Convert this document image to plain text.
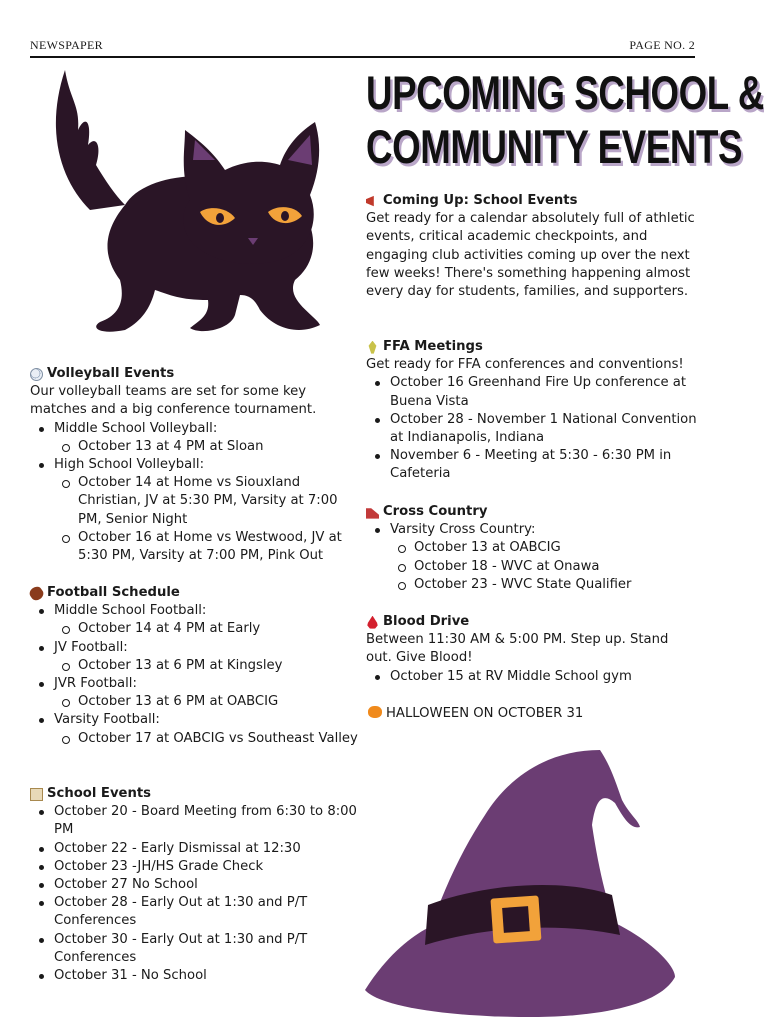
NEWSPAPER	PAGE NO. 2
UPCOMING SCHOOL &
COMMUNITY EVENTS
Coming Up: School Events

Get ready for a calendar absolutely full of athletic events, critical academic checkpoints, and engaging club activities coming up over the next few weeks! There's something happening almost every day for students, families, and supporters.

FFA Meetings

Get ready for FFA conferences and conventions!

October 16 Greenhand Fire Up conference at Buena Vista
October 28 - November 1 National Convention at Indianapolis, Indiana
November 6 - Meeting at 5:30 - 6:30 PM in Cafeteria
Cross Country
Varsity Cross Country:
October 13 at OABCIG
October 18 - WVC at Onawa
October 23 - WVC State Qualifier
Blood Drive

Between 11:30 AM & 5:00 PM. Step up. Stand out. Give Blood!

October 15 at RV Middle School gym

HALLOWEEN ON OCTOBER 31

Volleyball Events

Our volleyball teams are set for some key matches and a big conference tournament.

Middle School Volleyball:
October 13 at 4 PM at Sloan
High School Volleyball:
October 14 at Home vs Siouxland Christian, JV at 5:30 PM, Varsity at 7:00 PM, Senior Night
October 16 at Home vs Westwood, JV at 5:30 PM, Varsity at 7:00 PM, Pink Out
Football Schedule
Middle School Football:
October 14 at 4 PM at Early
JV Football:
October 13 at 6 PM at Kingsley
JVR Football:
October 13 at 6 PM at OABCIG
Varsity Football:
October 17 at OABCIG vs Southeast Valley
School Events
October 20 - Board Meeting from 6:30 to 8:00 PM
October 22 - Early Dismissal at 12:30
October 23 -JH/HS Grade Check
October 27 No School
October 28 - Early Out at 1:30 and P/T Conferences
October 30 - Early Out at 1:30 and P/T Conferences
October 31 - No School
